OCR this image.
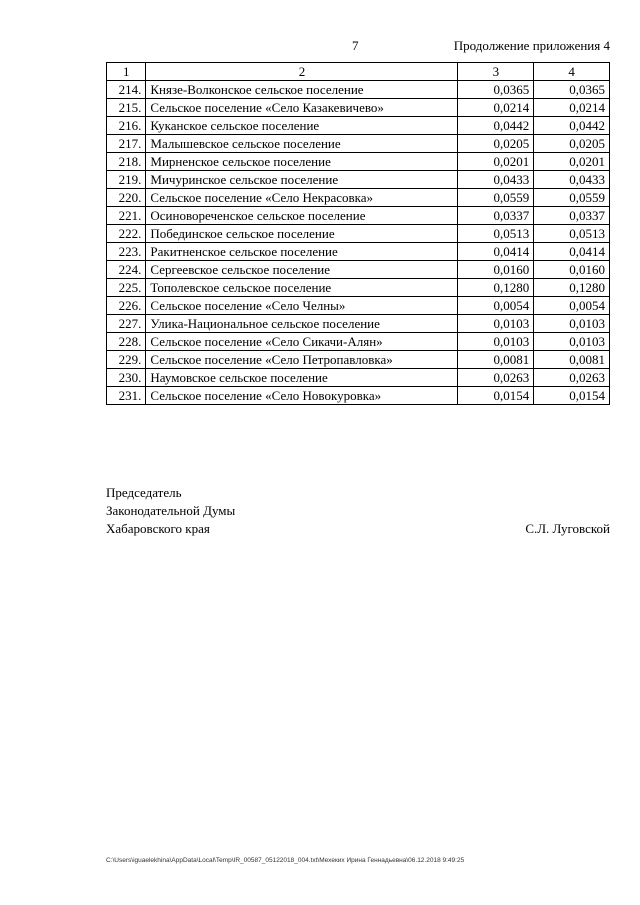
7	Продолжение приложения 4
1	2	3	4
214.	Князе-Волконское сельское поселение	0,0365	0,0365
215.	Сельское поселение «Село Казакевичево»	0,0214	0,0214
216.	Куканское сельское поселение	0,0442	0,0442
217.	Малышевское сельское поселение	0,0205	0,0205
218.	Мирненское сельское поселение	0,0201	0,0201
219.	Мичуринское сельское поселение	0,0433	0,0433
220.	Сельское поселение «Село Некрасовка»	0,0559	0,0559
221.	Осиновореченское сельское поселение	0,0337	0,0337
222.	Побединское сельское поселение	0,0513	0,0513
223.	Ракитненское сельское поселение	0,0414	0,0414
224.	Сергеевское сельское поселение	0,0160	0,0160
225.	Тополевское сельское поселение	0,1280	0,1280
226.	Сельское поселение «Село Челны»	0,0054	0,0054
227.	Улика-Национальное сельское поселение	0,0103	0,0103
228.	Сельское поселение «Село Сикачи-Алян»	0,0103	0,0103
229.	Сельское поселение «Село Петропавловка»	0,0081	0,0081
230.	Наумовское сельское поселение	0,0263	0,0263
231.	Сельское поселение «Село Новокуровка»	0,0154	0,0154
Председатель
Законодательной Думы
Хабаровского края	С.Л. Луговской
C:\Users\iguaelekhina\AppData\Local\Temp\IR_00587_05122018_004.txt\Мехеких Ирина Геннадьевна\06.12.2018 9:49:25
